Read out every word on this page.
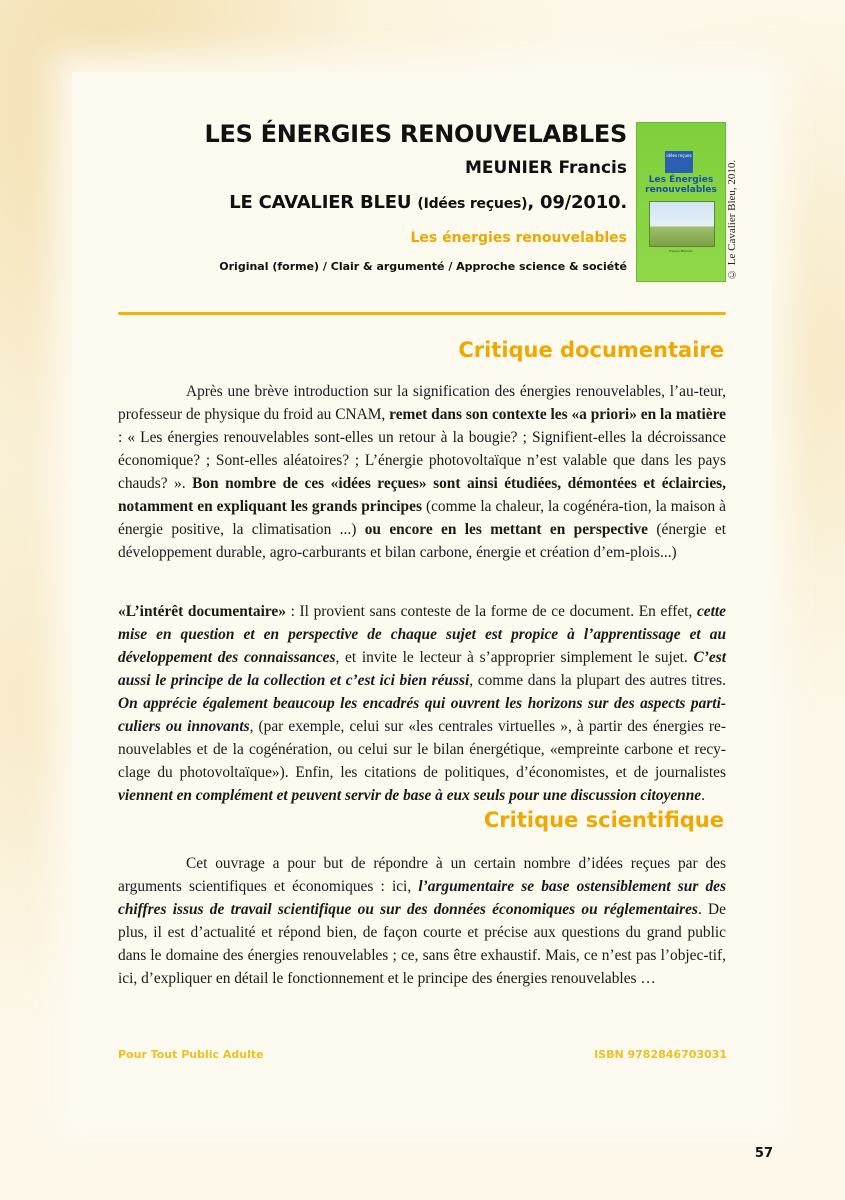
LES ÉNERGIES RENOUVELABLES
MEUNIER Francis
LE CAVALIER BLEU (Idées reçues), 09/2010.
Les énergies renouvelables
Original (forme) / Clair & argumenté / Approche science & société
idées reçues
Les Énergies renouvelables
Francis Meunier	© Le Cavalier Bleu, 2010.
Critique documentaire
Après une brève introduction sur la signification des énergies renouvelables, l’au-teur, professeur de physique du froid au CNAM, remet dans son contexte les «a priori» en la matière : « Les énergies renouvelables sont-elles un retour à la bougie? ; Signifient-elles la décroissance économique? ; Sont-elles aléatoires? ; L’énergie photovoltaïque n’est valable que dans les pays chauds? ». Bon nombre de ces «idées reçues» sont ainsi étudiées, démontées et éclaircies, notamment en expliquant les grands principes (comme la chaleur, la cogénéra-tion, la maison à énergie positive, la climatisation ...) ou encore en les mettant en perspective (énergie et développement durable, agro-carburants et bilan carbone, énergie et création d’em-plois...)
«L’intérêt documentaire» : Il provient sans conteste de la forme de ce document. En effet, cette mise en question et en perspective de chaque sujet est propice à l’apprentissage et au développement des connaissances, et invite le lecteur à s’approprier simplement le sujet. C’est aussi le principe de la collection et c’est ici bien réussi, comme dans la plupart des autres titres. On apprécie également beaucoup les encadrés qui ouvrent les horizons sur des aspects parti-culiers ou innovants, (par exemple, celui sur «les centrales virtuelles », à partir des énergies re-nouvelables et de la cogénération, ou celui sur le bilan énergétique, «empreinte carbone et recy-clage du photovoltaïque»). Enfin, les citations de politiques, d’économistes, et de journalistes viennent en complément et peuvent servir de base à eux seuls pour une discussion citoyenne.
Critique scientifique
Cet ouvrage a pour but de répondre à un certain nombre d’idées reçues par des arguments scientifiques et économiques : ici, l’argumentaire se base ostensiblement sur des chiffres issus de travail scientifique ou sur des données économiques ou réglementaires. De plus, il est d’actualité et répond bien, de façon courte et précise aux questions du grand public dans le domaine des énergies renouvelables ; ce, sans être exhaustif. Mais, ce n’est pas l’objec-tif, ici, d’expliquer en détail le fonctionnement et le principe des énergies renouvelables …
Pour Tout Public Adulte	ISBN 9782846703031
57
